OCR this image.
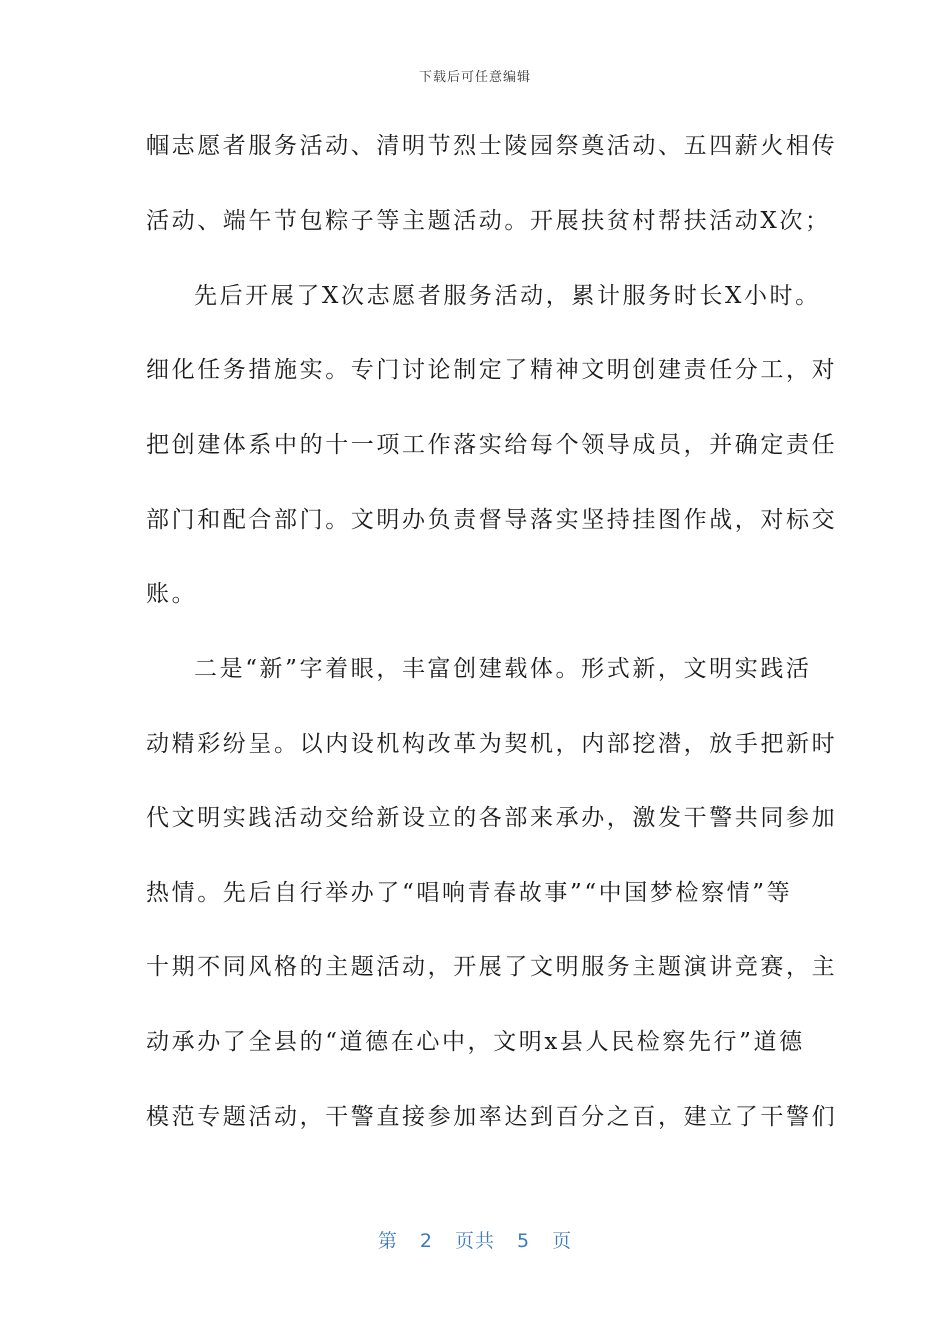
下载后可任意编辑
帼志愿者服务活动、清明节烈士陵园祭奠活动、五四薪火相传
活动、端午节包粽子等主题活动。开展扶贫村帮扶活动X次；
先后开展了X次志愿者服务活动，累计服务时长X小时。
细化任务措施实。专门讨论制定了精神文明创建责任分工，对
把创建体系中的十一项工作落实给每个领导成员，并确定责任
部门和配合部门。文明办负责督导落实坚持挂图作战，对标交
账。
二是“新”字着眼，丰富创建载体。形式新，文明实践活
动精彩纷呈。以内设机构改革为契机，内部挖潜，放手把新时
代文明实践活动交给新设立的各部来承办，激发干警共同参加
热情。先后自行举办了“唱响青春故事”“中国梦检察情”等
十期不同风格的主题活动，开展了文明服务主题演讲竞赛，主
动承办了全县的“道德在心中，文明x县人民检察先行”道德
模范专题活动，干警直接参加率达到百分之百，建立了干警们
第 2 页共 5 页
